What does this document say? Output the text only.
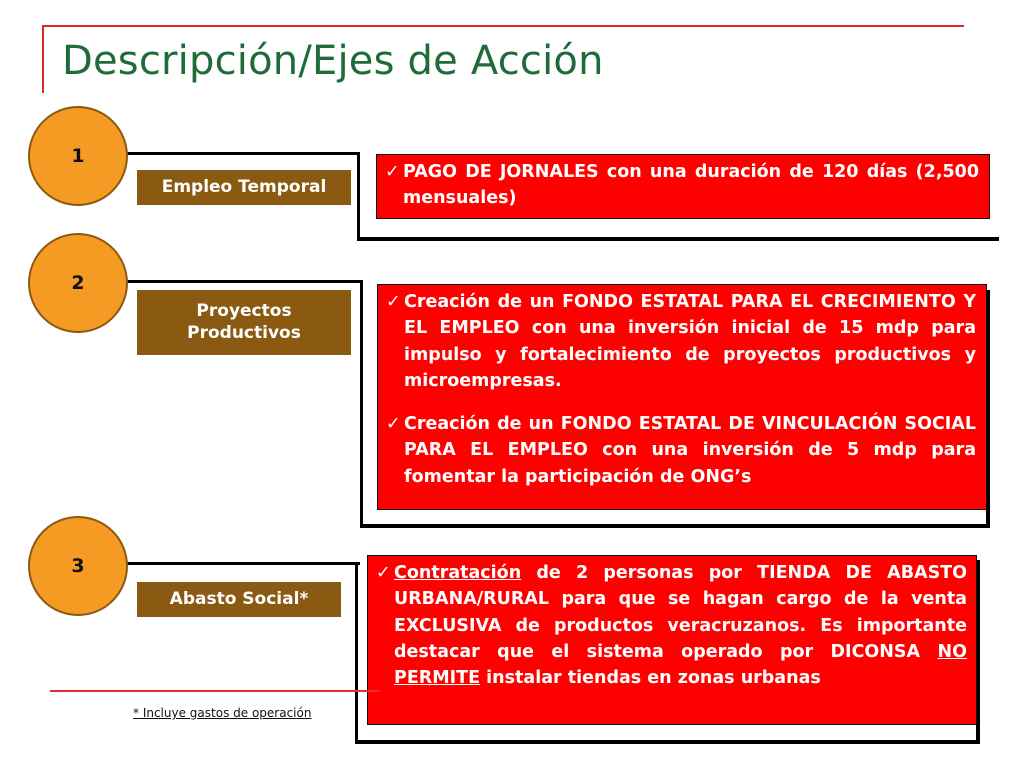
Descripción/Ejes de Acción
1
Empleo Temporal
✓ PAGO DE JORNALES con una duración de 120 días (2,500 mensuales)
2
Proyectos Productivos
✓ Creación de un FONDO ESTATAL PARA EL CRECIMIENTO Y EL EMPLEO con una inversión inicial de 15 mdp para impulso y fortalecimiento de proyectos productivos y microempresas.
✓ Creación de un FONDO ESTATAL DE VINCULACIÓN SOCIAL PARA EL EMPLEO con una inversión de 5 mdp para fomentar la participación de ONG’s
3
Abasto Social*
✓ Contratación de 2 personas por TIENDA DE ABASTO URBANA/RURAL para que se hagan cargo de la venta EXCLUSIVA de productos veracruzanos. Es importante destacar que el sistema operado por DICONSA NO PERMITE instalar tiendas en zonas urbanas
* Incluye gastos de operación
